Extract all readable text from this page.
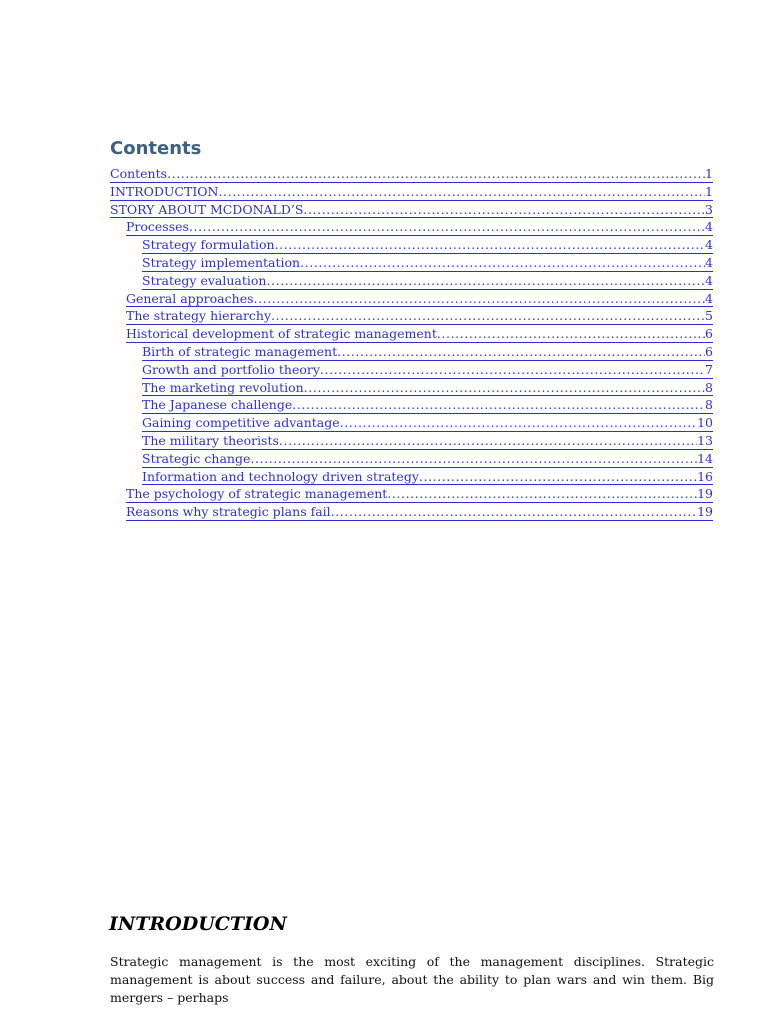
Contents
Contents .....	1
INTRODUCTION .....	1
STORY ABOUT MCDONALD’S .....	3
Processes .....	4
Strategy formulation .....	4
Strategy implementation .....	4
Strategy evaluation .....	4
General approaches .....	4
The strategy hierarchy .....	5
Historical development of strategic management .....	6
Birth of strategic management .....	6
Growth and portfolio theory .....	7
The marketing revolution .....	8
The Japanese challenge .....	8
Gaining competitive advantage .....	10
The military theorists .....	13
Strategic change .....	14
Information and technology driven strategy .....	16
The psychology of strategic management .....	19
Reasons why strategic plans fail .....	19
INTRODUCTION

Strategic management is the most exciting of the management disciplines. Strategic management is about success and failure, about the ability to plan wars and win them. Big mergers – perhaps
